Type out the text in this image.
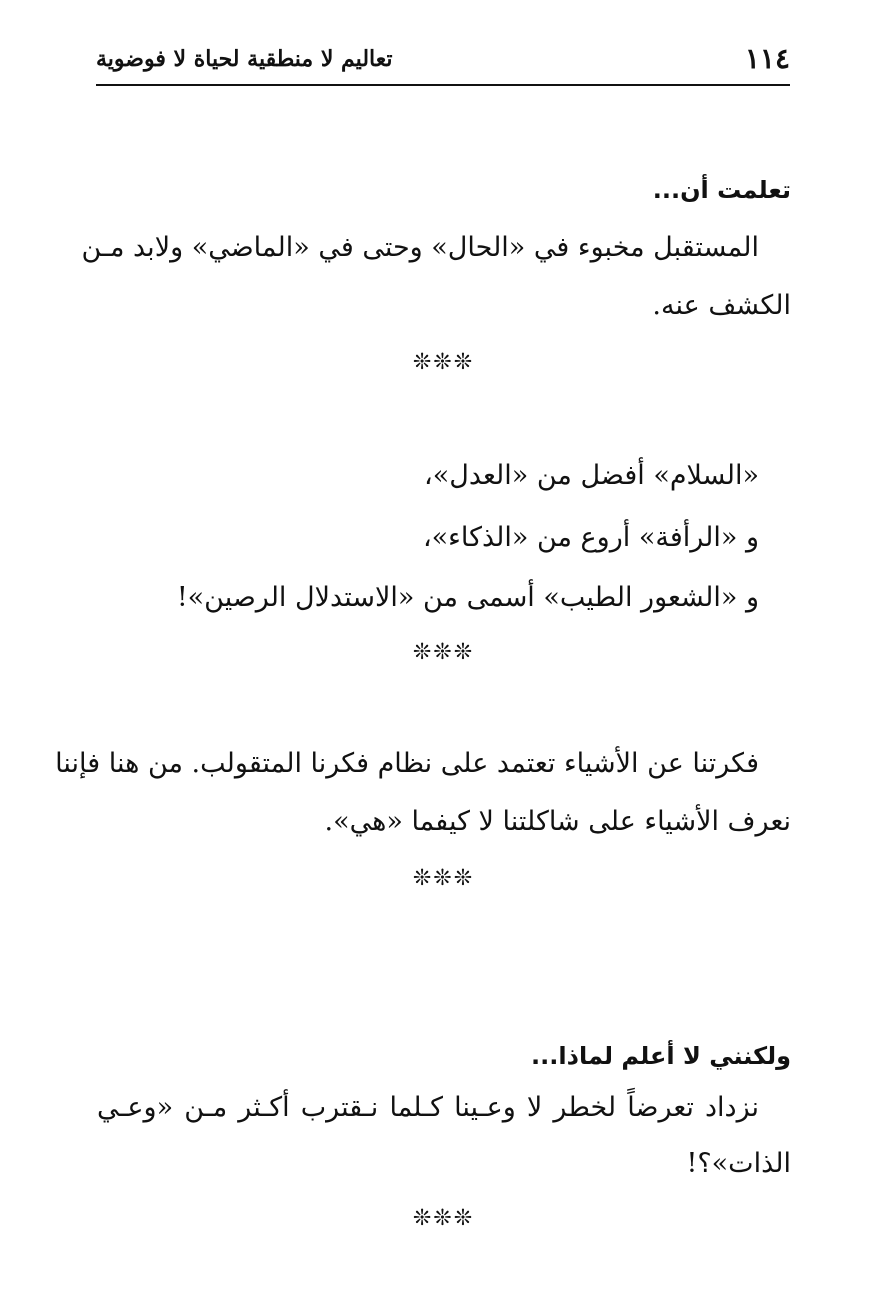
١١٤
تعاليم لا منطقية لحياة لا فوضوية
تعلمت أن...
المستقبل مخبوء في «الحال» وحتى في «الماضي» ولابد مـن
الكشف عنه.
❊❊❊
«السلام» أفضل من «العدل»،
و «الرأفة» أروع من «الذكاء»،
و «الشعور الطيب» أسمى من «الاستدلال الرصين»!
❊❊❊
فكرتنا عن الأشياء تعتمد على نظام فكرنا المتقولب. من هنا فإننا
نعرف الأشياء على شاكلتنا لا كيفما «هي».
❊❊❊
ولكنني لا أعلم لماذا...
نزداد تعرضاً لخطر لا وعـينا كـلما نـقترب أكـثر مـن «وعـي
الذات»؟!
❊❊❊
